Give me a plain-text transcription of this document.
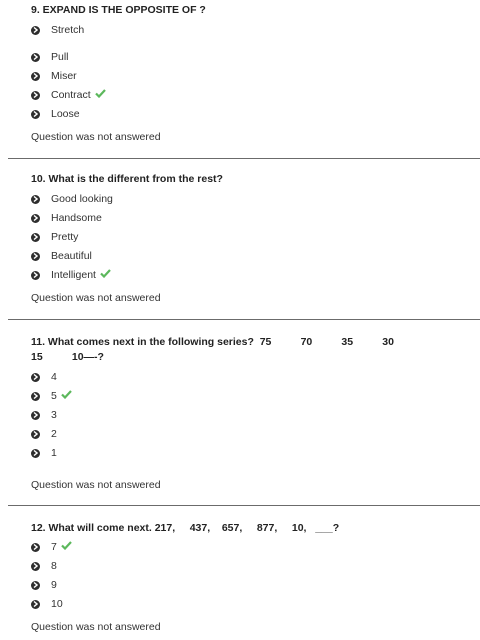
9. EXPAND IS THE OPPOSITE OF ?
Stretch
Pull
Miser
Contract
Loose
Question was not answered
10. What is the different from the rest?
Good looking
Handsome
Pretty
Beautiful
Intelligent
Question was not answered
11. What comes next in the following series?  75          70          35          30
15          10—-?
4
5
3
2
1
Question was not answered
12. What will come next. 217,     437,    657,     877,     10,   ___?
7
8
9
10
Question was not answered
